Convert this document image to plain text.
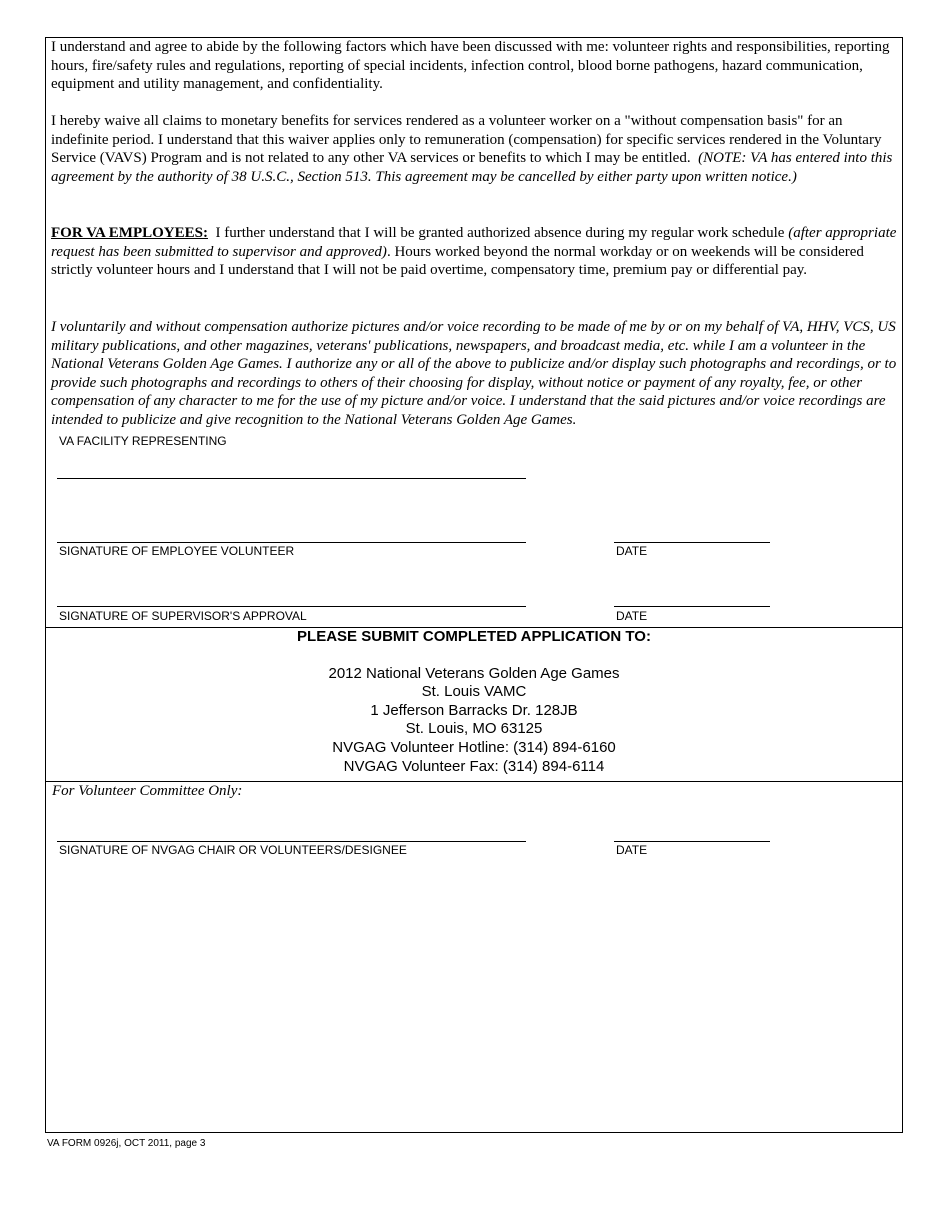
I understand and agree to abide by the following factors which have been discussed with me: volunteer rights and responsibilities, reporting hours, fire/safety rules and regulations, reporting of special incidents, infection control, blood borne pathogens, hazard communication, equipment and utility management, and confidentiality.

I hereby waive all claims to monetary benefits for services rendered as a volunteer worker on a "without compensation basis" for an indefinite period. I understand that this waiver applies only to remuneration (compensation) for specific services rendered in the Voluntary Service (VAVS) Program and is not related to any other VA services or benefits to which I may be entitled. (NOTE: VA has entered into this agreement by the authority of 38 U.S.C., Section 513. This agreement may be cancelled by either party upon written notice.)

FOR VA EMPLOYEES: I further understand that I will be granted authorized absence during my regular work schedule (after appropriate request has been submitted to supervisor and approved). Hours worked beyond the normal workday or on weekends will be considered strictly volunteer hours and I understand that I will not be paid overtime, compensatory time, premium pay or differential pay.

I voluntarily and without compensation authorize pictures and/or voice recording to be made of me by or on my behalf of VA, HHV, VCS, US military publications, and other magazines, veterans' publications, newspapers, and broadcast media, etc. while I am a volunteer in the National Veterans Golden Age Games. I authorize any or all of the above to publicize and/or display such photographs and recordings, or to provide such photographs and recordings to others of their choosing for display, without notice or payment of any royalty, fee, or other compensation of any character to me for the use of my picture and/or voice. I understand that the said pictures and/or voice recordings are intended to publicize and give recognition to the National Veterans Golden Age Games.

VA FACILITY REPRESENTING
SIGNATURE OF EMPLOYEE VOLUNTEER	DATE
SIGNATURE OF SUPERVISOR'S APPROVAL	DATE
PLEASE SUBMIT COMPLETED APPLICATION TO:
2012 National Veterans Golden Age Games
St. Louis VAMC
1 Jefferson Barracks Dr. 128JB
St. Louis, MO 63125
NVGAG Volunteer Hotline: (314) 894-6160
NVGAG Volunteer Fax: (314) 894-6114
For Volunteer Committee Only:
SIGNATURE OF NVGAG CHAIR OR VOLUNTEERS/DESIGNEE	DATE
VA FORM 0926j, OCT 2011, page 3
